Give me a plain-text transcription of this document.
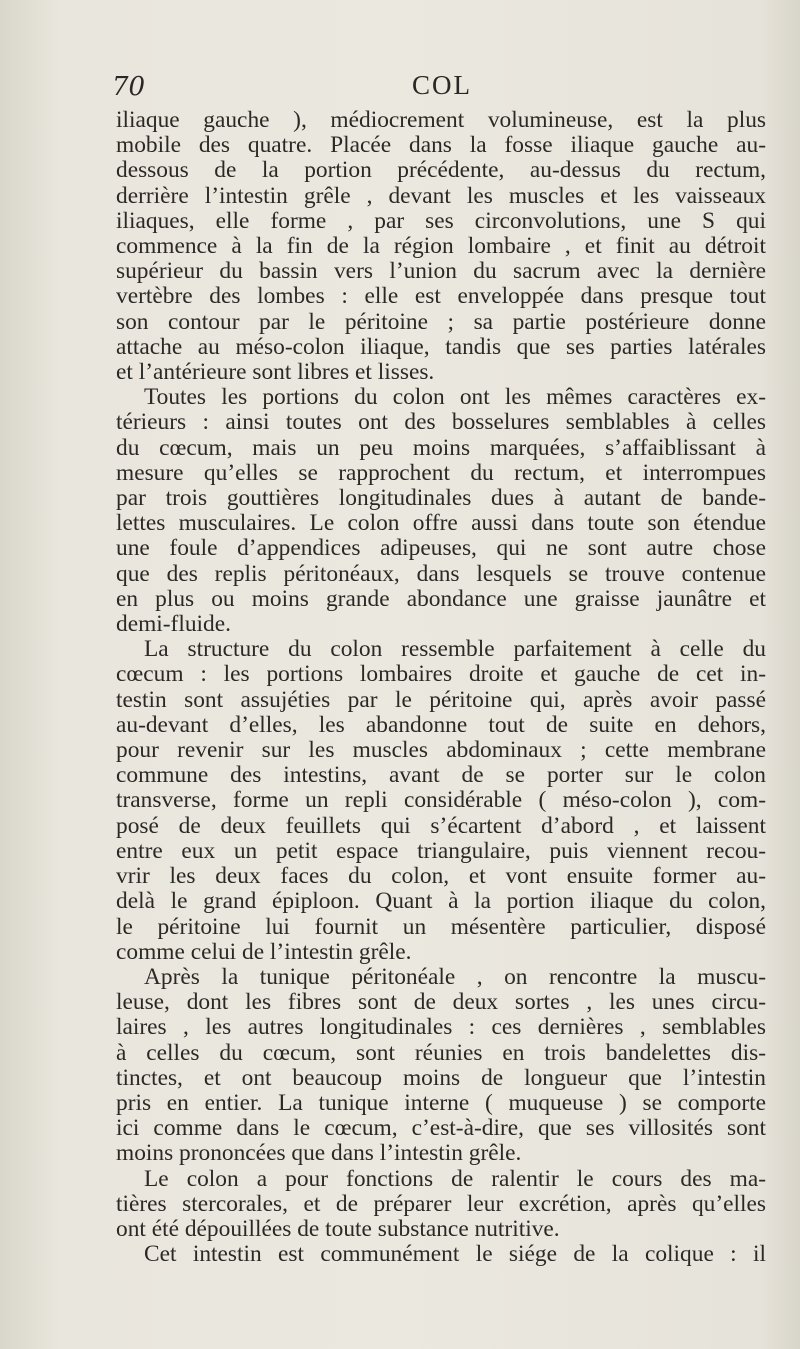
70	COL
iliaque gauche ), médiocrement volumineuse, est la plus
mobile des quatre. Placée dans la fosse iliaque gauche au-
dessous de la portion précédente, au-dessus du rectum,
derrière l’intestin grêle , devant les muscles et les vaisseaux
iliaques, elle forme , par ses circonvolutions, une S qui
commence à la fin de la région lombaire , et finit au détroit
supérieur du bassin vers l’union du sacrum avec la dernière
vertèbre des lombes : elle est enveloppée dans presque tout
son contour par le péritoine ; sa partie postérieure donne
attache au méso-colon iliaque, tandis que ses parties latérales
et l’antérieure sont libres et lisses.
Toutes les portions du colon ont les mêmes caractères ex-
térieurs : ainsi toutes ont des bosselures semblables à celles
du cœcum, mais un peu moins marquées, s’affaiblissant à
mesure qu’elles se rapprochent du rectum, et interrompues
par trois gouttières longitudinales dues à autant de bande-
lettes musculaires. Le colon offre aussi dans toute son étendue
une foule d’appendices adipeuses, qui ne sont autre chose
que des replis péritonéaux, dans lesquels se trouve contenue
en plus ou moins grande abondance une graisse jaunâtre et
demi-fluide.
La structure du colon ressemble parfaitement à celle du
cœcum : les portions lombaires droite et gauche de cet in-
testin sont assujéties par le péritoine qui, après avoir passé
au-devant d’elles, les abandonne tout de suite en dehors,
pour revenir sur les muscles abdominaux ; cette membrane
commune des intestins, avant de se porter sur le colon
transverse, forme un repli considérable ( méso-colon ), com-
posé de deux feuillets qui s’écartent d’abord , et laissent
entre eux un petit espace triangulaire, puis viennent recou-
vrir les deux faces du colon, et vont ensuite former au-
delà le grand épiploon. Quant à la portion iliaque du colon,
le péritoine lui fournit un mésentère particulier, disposé
comme celui de l’intestin grêle.
Après la tunique péritonéale , on rencontre la muscu-
leuse, dont les fibres sont de deux sortes , les unes circu-
laires , les autres longitudinales : ces dernières , semblables
à celles du cœcum, sont réunies en trois bandelettes dis-
tinctes, et ont beaucoup moins de longueur que l’intestin
pris en entier. La tunique interne ( muqueuse ) se comporte
ici comme dans le cœcum, c’est-à-dire, que ses villosités sont
moins prononcées que dans l’intestin grêle.
Le colon a pour fonctions de ralentir le cours des ma-
tières stercorales, et de préparer leur excrétion, après qu’elles
ont été dépouillées de toute substance nutritive.
Cet intestin est communément le siége de la colique : il
